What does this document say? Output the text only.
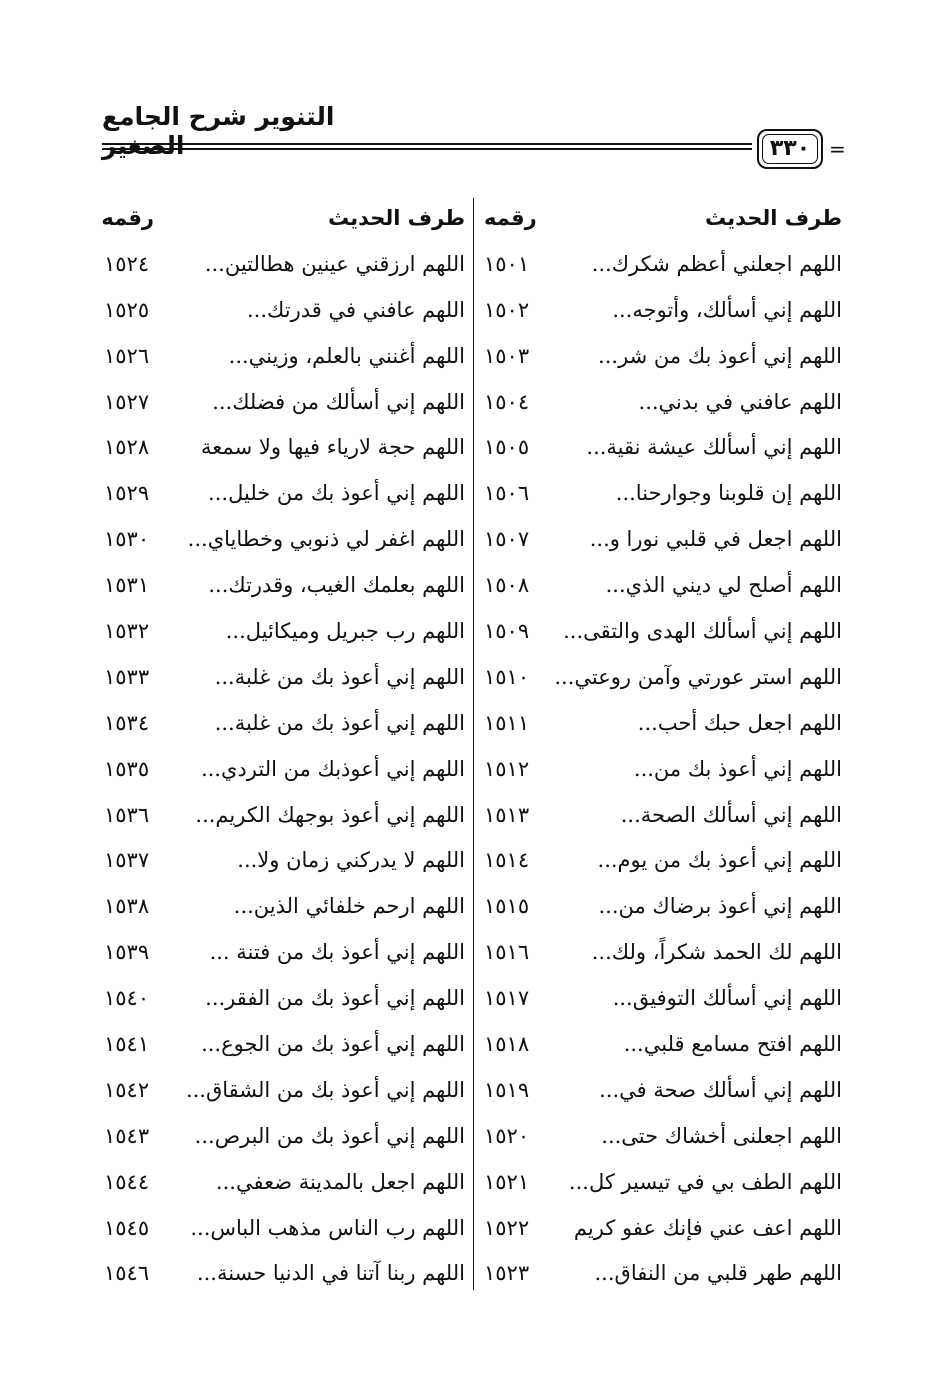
التنوير شرح الجامع الصغير	٣٣٠ =
طرف الحديث
رقمه
طرف الحديث
رقمه
اللهم اجعلني أعظم شكرك...
١٥٠١
اللهم ارزقني عينين هطالتين...
١٥٢٤
اللهم إني أسألك، وأتوجه...
١٥٠٢
اللهم عافني في قدرتك...
١٥٢٥
اللهم إني أعوذ بك من شر...
١٥٠٣
اللهم أغنني بالعلم، وزيني...
١٥٢٦
اللهم عافني في بدني...
١٥٠٤
اللهم إني أسألك من فضلك...
١٥٢٧
اللهم إني أسألك عيشة نقية...
١٥٠٥
اللهم حجة لارياء فيها ولا سمعة
١٥٢٨
اللهم إن قلوبنا وجوارحنا...
١٥٠٦
اللهم إني أعوذ بك من خليل...
١٥٢٩
اللهم اجعل في قلبي نورا و...
١٥٠٧
اللهم اغفر لي ذنوبي وخطاياي...
١٥٣٠
اللهم أصلح لي ديني الذي...
١٥٠٨
اللهم بعلمك الغيب، وقدرتك...
١٥٣١
اللهم إني أسألك الهدى والتقى...
١٥٠٩
اللهم رب جبريل وميكائيل...
١٥٣٢
اللهم استر عورتي وآمن روعتي...
١٥١٠
اللهم إني أعوذ بك من غلبة...
١٥٣٣
اللهم اجعل حبك أحب...
١٥١١
اللهم إني أعوذ بك من غلبة...
١٥٣٤
اللهم إني أعوذ بك من...
١٥١٢
اللهم إني أعوذبك من التردي...
١٥٣٥
اللهم إني أسألك الصحة...
١٥١٣
اللهم إني أعوذ بوجهك الكريم...
١٥٣٦
اللهم إني أعوذ بك من يوم...
١٥١٤
اللهم لا يدركني زمان ولا...
١٥٣٧
اللهم إني أعوذ برضاك من...
١٥١٥
اللهم ارحم خلفائي الذين...
١٥٣٨
اللهم لك الحمد شكراً، ولك...
١٥١٦
اللهم إني أعوذ بك من فتنة ...
١٥٣٩
اللهم إني أسألك التوفيق...
١٥١٧
اللهم إني أعوذ بك من الفقر...
١٥٤٠
اللهم افتح مسامع قلبي...
١٥١٨
اللهم إني أعوذ بك من الجوع...
١٥٤١
اللهم إني أسألك صحة في...
١٥١٩
اللهم إني أعوذ بك من الشقاق...
١٥٤٢
اللهم اجعلنى أخشاك حتى...
١٥٢٠
اللهم إني أعوذ بك من البرص...
١٥٤٣
اللهم الطف بي في تيسير كل...
١٥٢١
اللهم اجعل بالمدينة ضعفي...
١٥٤٤
اللهم اعف عني فإنك عفو كريم
١٥٢٢
اللهم رب الناس مذهب الباس...
١٥٤٥
اللهم طهر قلبي من النفاق...
١٥٢٣
اللهم ربنا آتنا في الدنيا حسنة...
١٥٤٦
